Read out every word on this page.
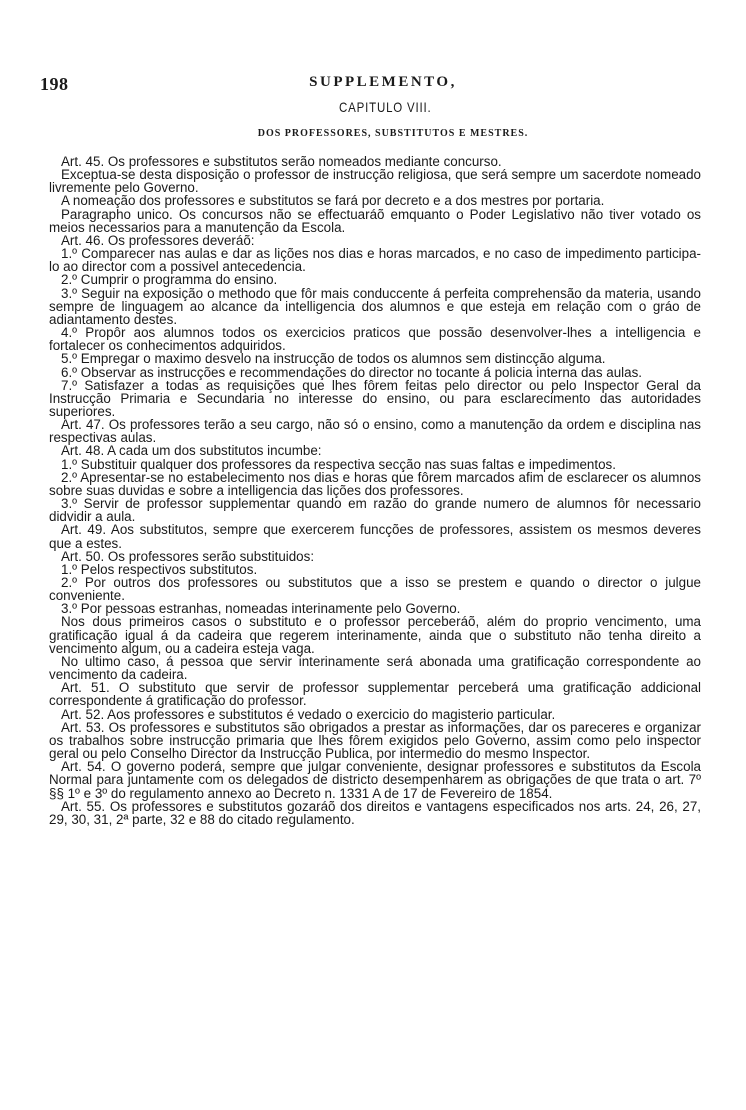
198	SUPPLEMENTO,
CAPITULO VIII.
DOS PROFESSORES, SUBSTITUTOS E MESTRES.

Art. 45. Os professores e substitutos serão nomeados mediante concurso.

Exceptua-se desta disposição o professor de instrucção religiosa, que será sempre um sacerdote nomeado livremente pelo Governo.

A nomeação dos professores e substitutos se fará por decreto e a dos mestres por portaria.

Paragrapho unico. Os concursos não se effectuaráõ emquanto o Poder Legislativo não tiver votado os meios necessarios para a manutenção da Escola.

Art. 46. Os professores deveráõ:

1.º Comparecer nas aulas e dar as lições nos dias e horas marcados, e no caso de impedimento participa-lo ao director com a possivel antecedencia.

2.º Cumprir o programma do ensino.

3.º Seguir na exposição o methodo que fôr mais conduccente á perfeita comprehensão da materia, usando sempre de linguagem ao alcance da intelligencia dos alumnos e que esteja em relação com o gráo de adiantamento destes.

4.º Propôr aos alumnos todos os exercicios praticos que possão desenvolver-lhes a intelligencia e fortalecer os conhecimentos adquiridos.

5.º Empregar o maximo desvelo na instrucção de todos os alumnos sem distincção alguma.

6.º Observar as instrucções e recommendações do director no tocante á policia interna das aulas.

7.º Satisfazer a todas as requisições que lhes fôrem feitas pelo director ou pelo Inspector Geral da Instrucção Primaria e Secundaria no interesse do ensino, ou para esclarecimento das autoridades superiores.

Art. 47. Os professores terão a seu cargo, não só o ensino, como a manutenção da ordem e disciplina nas respectivas aulas.

Art. 48. A cada um dos substitutos incumbe:

1.º Substituir qualquer dos professores da respectiva secção nas suas faltas e impedimentos.

2.º Apresentar-se no estabelecimento nos dias e horas que fôrem marcados afim de esclarecer os alumnos sobre suas duvidas e sobre a intelligencia das lições dos professores.

3.º Servir de professor supplementar quando em razão do grande numero de alumnos fôr necessario didvidir a aula.

Art. 49. Aos substitutos, sempre que exercerem funcções de professores, assistem os mesmos deveres que a estes.

Art. 50. Os professores serão substituidos:

1.º Pelos respectivos substitutos.

2.º Por outros dos professores ou substitutos que a isso se prestem e quando o director o julgue conveniente.

3.º Por pessoas estranhas, nomeadas interinamente pelo Governo.

Nos dous primeiros casos o substituto e o professor perceberáõ, além do proprio vencimento, uma gratificação igual á da cadeira que regerem interinamente, ainda que o substituto não tenha direito a vencimento algum, ou a cadeira esteja vaga.

No ultimo caso, á pessoa que servir interinamente será abonada uma gratificação correspondente ao vencimento da cadeira.

Art. 51. O substituto que servir de professor supplementar perceberá uma gratificação addicional correspondente á gratificação do professor.

Art. 52. Aos professores e substitutos é vedado o exercicio do magisterio particular.

Art. 53. Os professores e substitutos são obrigados a prestar as informações, dar os pareceres e organizar os trabalhos sobre instrucção primaria que lhes fôrem exigidos pelo Governo, assim como pelo inspector geral ou pelo Conselho Director da Instrucção Publica, por intermedio do mesmo Inspector.

Art. 54. O governo poderá, sempre que julgar conveniente, designar professores e substitutos da Escola Normal para juntamente com os delegados de districto desempenharem as obrigações de que trata o art. 7º §§ 1º e 3º do regulamento annexo ao Decreto n. 1331 A de 17 de Fevereiro de 1854.

Art. 55. Os professores e substitutos gozaráõ dos direitos e vantagens especificados nos arts. 24, 26, 27, 29, 30, 31, 2ª parte, 32 e 88 do citado regulamento.
